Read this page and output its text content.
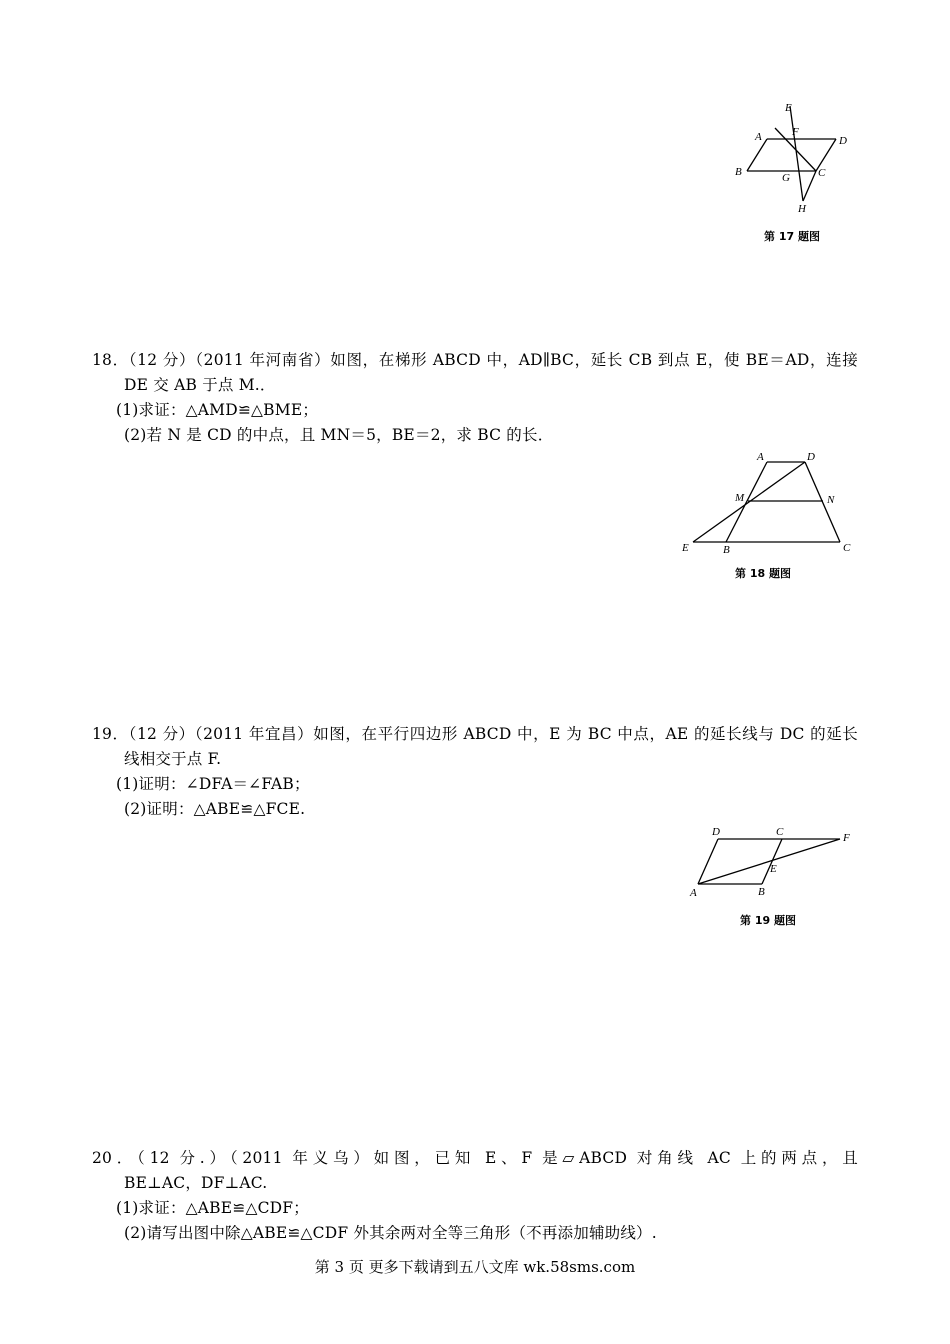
E
A	F
D
B	G	C
H
第 17 题图
18．（12 分）（2011 年河南省）如图，在梯形 ABCD 中，AD∥BC，延长 CB 到点 E，使 BE＝AD，连接
DE 交 AB 于点 M.．
(1)求证：△AMD≌△BME；
(2)若 N 是 CD 的中点，且 MN＝5，BE＝2，求 BC 的长．
A	D
M	N
E	B	C
第 18 题图
19．（12 分）（2011 年宜昌）如图，在平行四边形 ABCD 中，E 为 BC 中点，AE 的延长线与 DC 的延长
线相交于点 F.
(1)证明：∠DFA＝∠FAB；
(2)证明：△ABE≌△FCE.
D	C	F
E
A	B
第 19 题图
20．（12 分.）（2011 年义乌）如图，已知 E、F 是▱ABCD 对角线 AC 上的两点，且
BE⊥AC，DF⊥AC.
(1)求证：△ABE≌△CDF；
(2)请写出图中除△ABE≌△CDF 外其余两对全等三角形（不再添加辅助线）.
第 3 页 更多下载请到五八文库 wk.58sms.com
